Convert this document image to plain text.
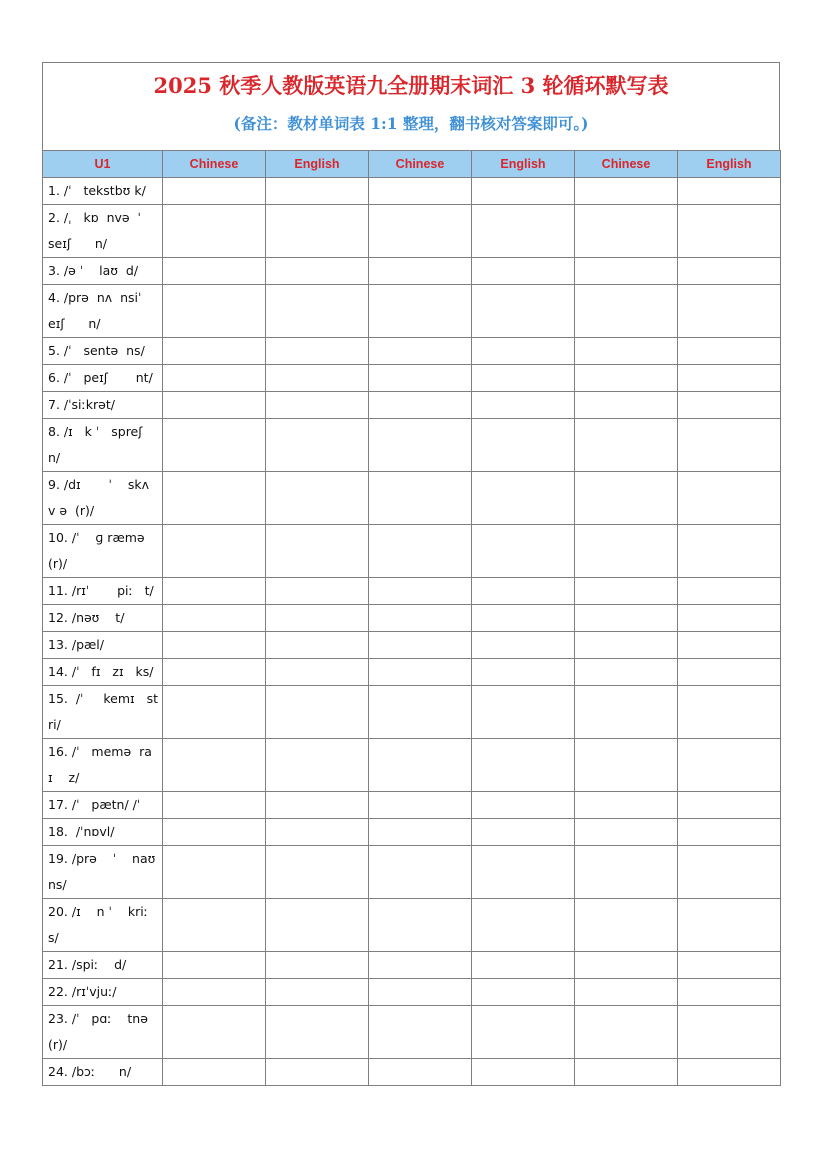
2025 秋季人教版英语九全册期末词汇 3 轮循环默写表
(备注：教材单词表 1:1 整理，翻书核对答案即可。)
U1	Chinese	English	Chinese	English	Chinese	English
1. /ˈ   tekstbʊ k/						
2. /ˌ   kɒ  nvə  ˈ   seɪʃ      n/						
3. /ə ˈ    laʊ  d/						
4. /prə  nʌ  nsiˈ   eɪʃ      n/						
5. /ˈ   sentə  ns/						
6. /ˈ   peɪʃ       nt/						
7. /ˈsiːkrət/						
8. /ɪ   k ˈ   spreʃ   n/						
9. /dɪ       ˈ    skʌ    v ə  (r)/						
10. /ˈ    ɡ ræmə  (r)/						
11. /rɪˈ       piː   t/						
12. /nəʊ    t/						
13. /pæl/						
14. /ˈ   fɪ   zɪ   ks/						
15.  /ˈ     kemɪ   stri/						
16. /ˈ   memə  ra ɪ    z/						
17. /ˈ   pætn/ /ˈ						
18.  /ˈnɒvl/						
19. /prə    ˈ    naʊ  ns/						
20. /ɪ    n ˈ    kriː  s/						
21. /spiː    d/						
22. /rɪˈvjuː/						
23. /ˈ   pɑː    tnə  (r)/						
24. /bɔː      n/						
